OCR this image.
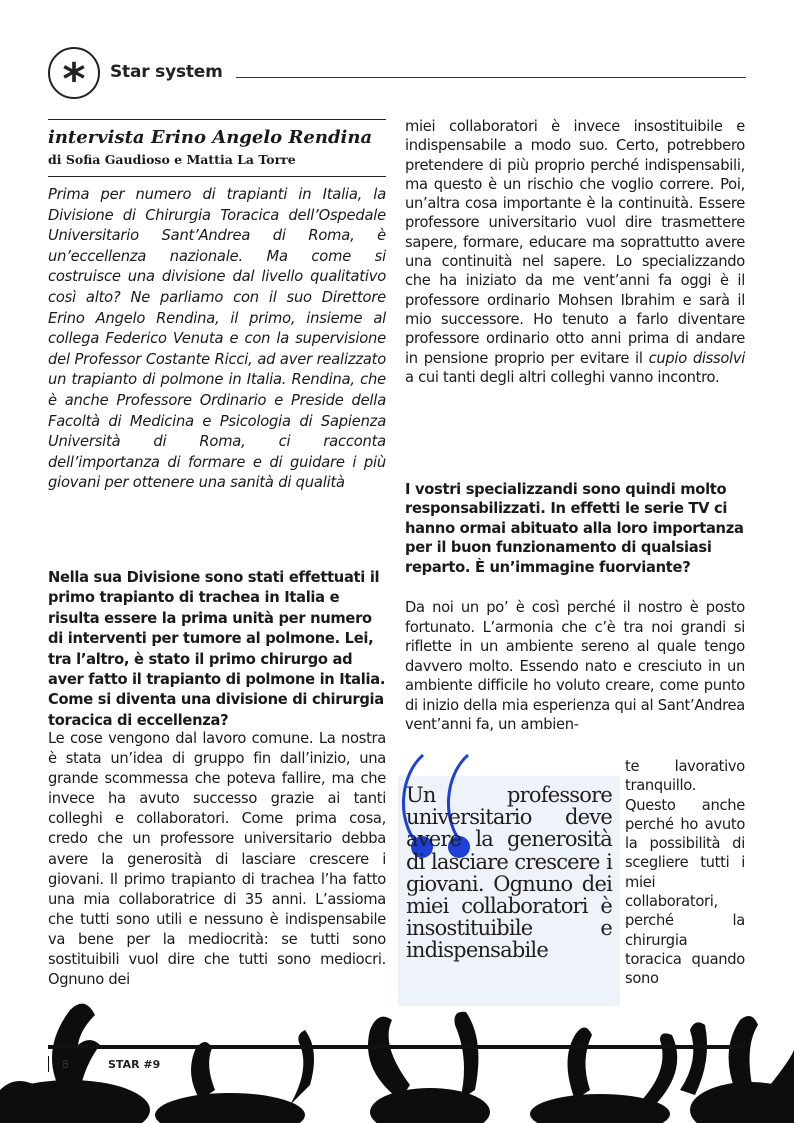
* Star system
intervista Erino Angelo Rendina
di Sofia Gaudioso e Mattia La Torre
Prima per numero di trapianti in Italia, la Divisione di Chirurgia Toracica dell’Ospedale Universitario Sant’Andrea di Roma, è un’eccellenza nazionale. Ma come si costruisce una divisione dal livello qualitativo così alto? Ne parliamo con il suo Direttore Erino Angelo Rendina, il primo, insieme al collega Federico Venuta e con la supervisione del Professor Costante Ricci, ad aver realizzato un trapianto di polmone in Italia. Rendina, che è anche Professore Ordinario e Preside della Facoltà di Medicina e Psicologia di Sapienza Università di Roma, ci racconta dell’importanza di formare e di guidare i più giovani per ottenere una sanità di qualità
Nella sua Divisione sono stati effettuati il primo trapianto di trachea in Italia e risulta essere la prima unità per numero di interventi per tumore al polmone. Lei, tra l’altro, è stato il primo chirurgo ad aver fatto il trapianto di polmone in Italia. Come si diventa una divisione di chirurgia toracica di eccellenza?
Le cose vengono dal lavoro comune. La nostra è stata un’idea di gruppo fin dall’inizio, una grande scommessa che poteva fallire, ma che invece ha avuto successo grazie ai tanti colleghi e collaboratori. Come prima cosa, credo che un professore universitario debba avere la generosità di lasciare crescere i giovani. Il primo trapianto di trachea l’ha fatto una mia collaboratrice di 35 anni. L’assioma che tutti sono utili e nessuno è indispensabile va bene per la mediocrità: se tutti sono sostituibili vuol dire che tutti sono mediocri. Ognuno dei
miei collaboratori è invece insostituibile e indispensabile a modo suo. Certo, potrebbero pretendere di più proprio perché indispensabili, ma questo è un rischio che voglio correre. Poi, un’altra cosa importante è la continuità. Essere professore universitario vuol dire trasmettere sapere, formare, educare ma soprattutto avere una continuità nel sapere. Lo specializzando che ha iniziato da me vent’anni fa oggi è il professore ordinario Mohsen Ibrahim e sarà il mio successore. Ho tenuto a farlo diventare professore ordinario otto anni prima di andare in pensione proprio per evitare il cupio dissolvi a cui tanti degli altri colleghi vanno incontro.
I vostri specializzandi sono quindi molto responsabilizzati. In effetti le serie TV ci hanno ormai abituato alla loro importanza per il buon funzionamento di qualsiasi reparto. È un’immagine fuorviante?
Da noi un po’ è così perché il nostro è posto fortunato. L’armonia che c’è tra noi grandi si riflette in un ambiente sereno al quale tengo davvero molto. Essendo nato e cresciuto in un ambiente difficile ho voluto creare, come punto di inizio della mia esperienza qui al Sant’Andrea vent’anni fa, un ambien-
te lavorativo tranquillo. Questo anche perché ho avuto la possibilità di scegliere tutti i miei collaboratori, perché la chirurgia toracica quando sono
Un professore universitario deve avere la generosità di lasciare crescere i giovani. Ognuno dei miei collaboratori è insostituibile e indispensabile
8	STAR #9
